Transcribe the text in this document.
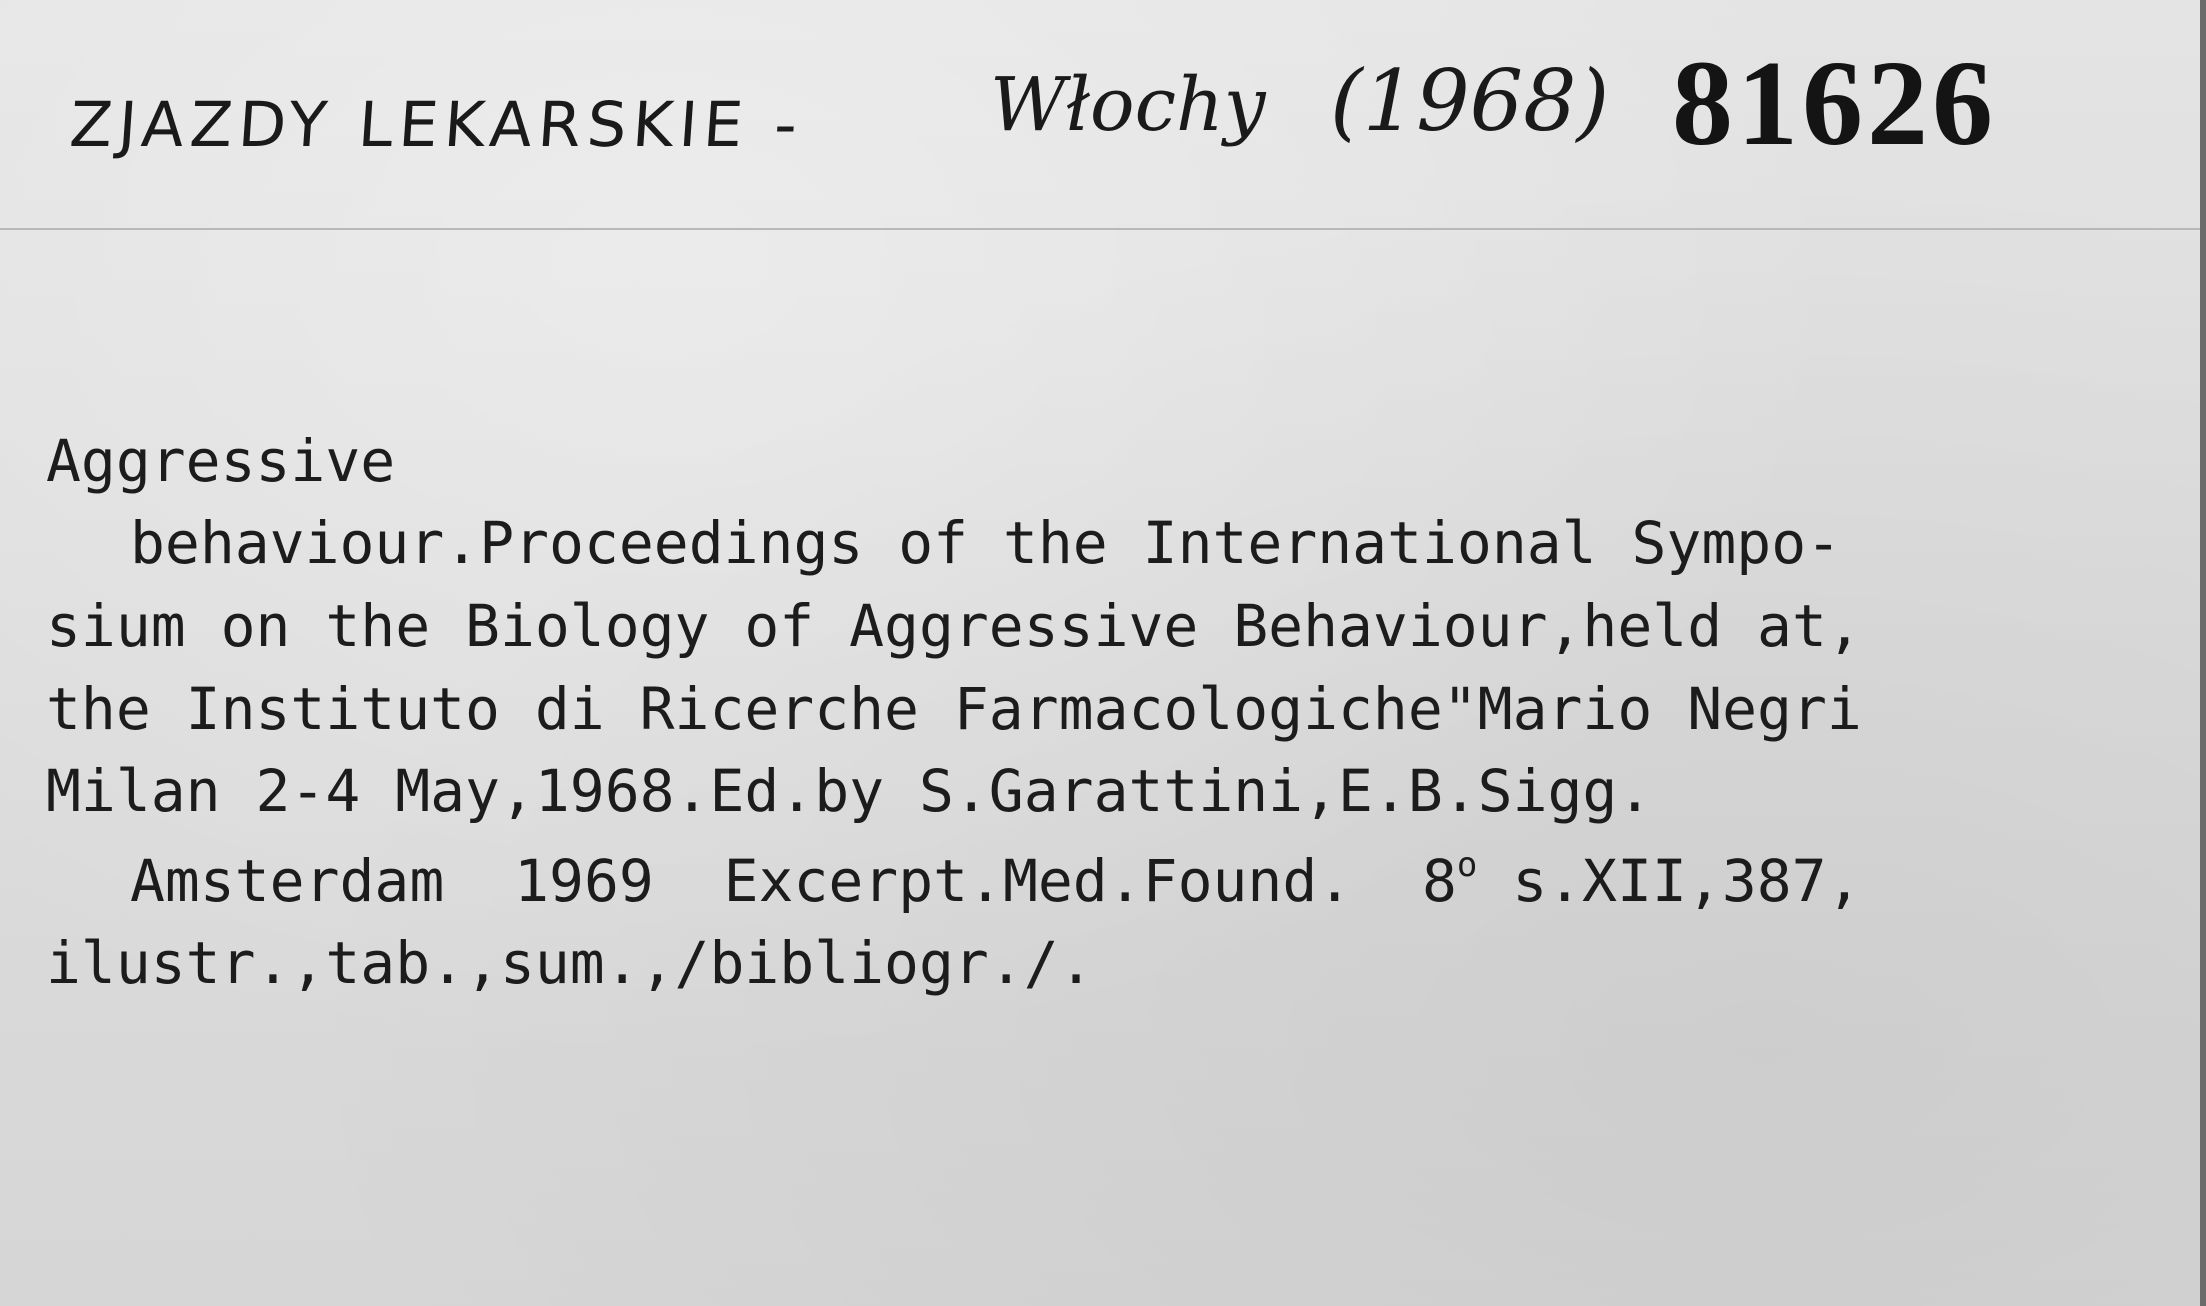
ZJAZDY LEKARSKIE - Włochy (1968) 81626
Aggressive
behaviour.Proceedings of the International Sympo-
sium on the Biology of Aggressive Behaviour,held at,
the Instituto di Ricerche Farmacologiche"Mario Negri
Milan 2-4 May,1968.Ed.by S.Garattini,E.B.Sigg.
Amsterdam  1969  Excerpt.Med.Found.  8$^o$ s.XII,387,
ilustr.,tab.,sum.,/bibliogr./.
